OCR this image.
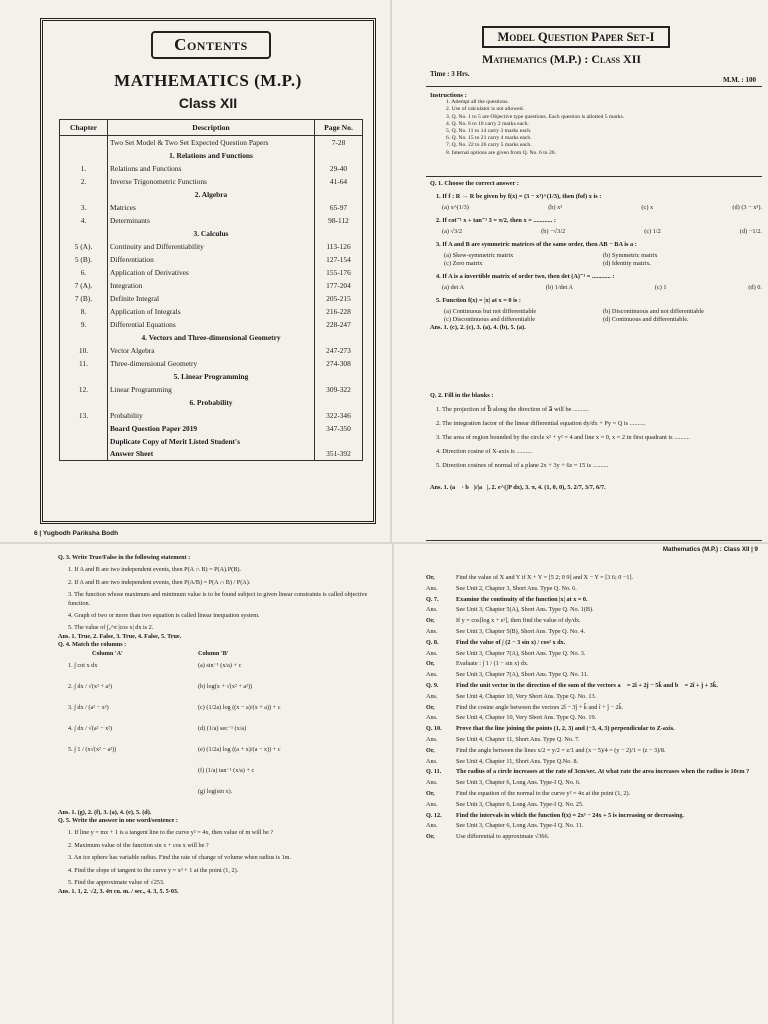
Contents
MATHEMATICS (M.P.)
Class XII
Chapter	Description	Page No.
	Two Set Model & Two Set Expected Question Papers	7-28
	1. Relations and Functions	
1.	Relations and Functions	29-40
2.	Inverse Trigonometric Functions	41-64
	2. Algebra	
3.	Matrices	65-97
4.	Determinants	98-112
	3. Calculus	
5 (A).	Continuity and Differentiability	113-126
5 (B).	Differentiation	127-154
6.	Application of Derivatives	155-176
7 (A).	Integration	177-204
7 (B).	Definite Integral	205-215
8.	Application of Integrals	216-228
9.	Differential Equations	228-247
	4. Vectors and Three-dimensional Geometry	
10.	Vector Algebra	247-273
11.	Three-dimensional Geometry	274-308
	5. Linear Programming	
12.	Linear Programming	309-322
	6. Probability	
13.	Probability	322-346
	Board Question Paper 2019	347-350
	Duplicate Copy of Merit Listed Student's	
	Answer Sheet	351-392
6 | Yugbodh Pariksha Bodh
Model Question Paper Set-I
Mathematics (M.P.) : Class XII
Time : 3 Hrs.
M.M. : 100
Instructions :
1. Attempt all the questions.
2. Use of calculator is not allowed.
3. Q. No. 1 to 5 are Objective type questions. Each question is allotted 5 marks.
4. Q. No. 6 to 10 carry 2 marks each.
5. Q. No. 11 to 14 carry 3 marks each.
6. Q. No. 15 to 21 carry 4 marks each.
7. Q. No. 22 to 26 carry 5 marks each.
8. Internal options are given from Q. No. 6 to 26.
Q. 1. Choose the correct answer :
1. If f : R → R be given by f(x) = (3 − x³)^(1/3), then (fof) x is :
(a) x^(1/3)	(b) x³	(c) x	(d) (3 − x³).
2. If cot⁻¹ x + tan⁻¹ 3 = π/2, then x = ............ :
(a) √3/2	(b) −√3/2	(c) 1/2	(d) −1/2.
3. If A and B are symmetric matrices of the same order, then AB − BA is a :
(a) Skew-symmetric matrix	(b) Symmetric matrix
(c) Zero matrix	(d) Identity matrix.
4. If A is a invertible matrix of order two, then det (A)⁻¹ = ............ :
(a) det A	(b) 1/det A	(c) 1	(d) 0.
5. Function f(x) = |x| at x = 0 is :
(a) Continuous but not differentiable	(b) Discontinuous and not differentiable
(c) Discontinuous and differentiable	(d) Continuous and differentiable.
Ans. 1. (c), 2. (c), 3. (a), 4. (b), 5. (a).
Q. 2. Fill in the blanks :
1. The projection of b⃗ along the direction of a⃗ will be ..........
2. The integration factor of the linear differential equation dy/dx + Py = Q is ..........
3. The area of region bounded by the circle x² + y² = 4 and line x = 0, x = 2 in first quadrant is ..........
4. Direction cosine of X-axis is ..........
5. Direction cosines of normal of a plane 2x + 3y + 6z = 15 is ..........
Ans. 1. (a⃗ · b⃗)/|a⃗|, 2. e^(∫P dx), 3. π, 4. (1, 0, 0), 5. 2/7, 3/7, 6/7.
Q. 3. Write True/False in the following statement :
1. If A and B are two independent events, then P(A ∩ B) = P(A).P(B).
2. If A and B are two independent events, then P(A/B) = P(A ∩ B) / P(A).
3. The function whose maximum and minimum value is to be found subject to given linear constraints is called objective function.
4. Graph of two or more than two equation is called linear inequation system.
5. The value of ∫₀^π |cos x| dx is 2.
Ans. 1. True, 2. False, 3. True, 4. False, 5. True.
Q. 4. Match the columns :
Column 'A'	Column 'B'
1. ∫ cot x dx	(a) sin⁻¹ (x/a) + c
2. ∫ dx / √(x² + a²)	(b) log(x + √(x² + a²))
3. ∫ dx / (a² − x²)	(c) (1/2a) log ((x − a)/(x + a)) + c
4. ∫ dx / √(a² − x²)	(d) (1/a) sec⁻¹ (x/a)
5. ∫ 1 / (x√(x² − a²))	(e) (1/2a) log ((a + x)/(a − x)) + c
(f) (1/a) tan⁻¹ (x/a) + c
(g) log(sin x).
Ans. 1. (g), 2. (f), 3. (a), 4. (e), 5. (d).
Q. 5. Write the answer in one word/sentence :
1. If line y = mx + 1 is a tangent line to the curve y² = 4x, then value of m will be ?
2. Maximum value of the function sin x + cos x will be ?
3. An ice sphere has variable radius. Find the rate of change of volume when radius is 1m.
4. Find the slope of tangent to the curve y = x³ + 1 at the point (1, 2).
5. Find the approximate value of √253.
Ans. 1. 1, 2. √2, 3. 4π cu. m. / sec., 4. 3, 5. 5·03.
Mathematics (M.P.) : Class XII | 9
Or,	Find the value of X and Y if X + Y = [5 2; 0 9] and X − Y = [3 6; 0 −1].
Ans.	See Unit 2, Chapter 3, Short Ans. Type Q. No. 6.
Q. 7.	Examine the continuity of the function |x| at x = 0.
Ans.	See Unit 3, Chapter 5(A), Short Ans. Type Q. No. 1(B).
Or,	If y = cos[log x + eˣ], then find the value of dy/dx.
Ans.	See Unit 3, Chapter 5(B), Short Ans. Type Q. No. 4.
Q. 8.	Find the value of ∫ (2 − 3 sin x) / cos² x dx.
Ans.	See Unit 3, Chapter 7(A), Short Ans. Type Q. No. 3.
Or,	Evaluate : ∫ 1 / (1 − sin x) dx.
Ans.	See Unit 3, Chapter 7(A), Short Ans. Type Q. No. 11.
Q. 9.	Find the unit vector in the direction of the sum of the vectors a⃗ = 2î + 2ĵ − 5k̂ and b⃗ = 2î + ĵ + 3k̂.
Ans.	See Unit 4, Chapter 10, Very Short Ans. Type Q. No. 13.
Or,	Find the cosine angle between the vectors 2î − 3ĵ + k̂ and î + ĵ − 2k̂.
Ans.	See Unit 4, Chapter 10, Very Short Ans. Type Q. No. 19.
Q. 10.	Prove that the line joining the points (1, 2, 3) and (−3, 4, 3) perpendicular to Z-axis.
Ans.	See Unit 4, Chapter 11, Short Ans. Type Q. No. 7.
Or,	Find the angle between the lines x/2 = y/2 = z/1 and (x − 5)/4 = (y − 2)/1 = (z − 3)/8.
Ans.	See Unit 4, Chapter 11, Short Ans. Type Q.No. 8.
Q. 11.	The radius of a circle increases at the rate of 3cm/sec. At what rate the area increases when the radius is 10cm ?
Ans.	See Unit 3, Chapter 6, Long Ans. Type-I Q. No. 6.
Or,	Find the equation of the normal to the curve y² = 4x at the point (1, 2).
Ans.	See Unit 3, Chapter 6, Long Ans. Type-I Q. No. 25.
Q. 12.	Find the intervals in which the function f(x) = 2x³ − 24x + 5 is increasing or decreasing.
Ans.	See Unit 3, Chapter 6, Long Ans. Type-I Q. No. 11.
Or,	Use differential to approximate √366.
